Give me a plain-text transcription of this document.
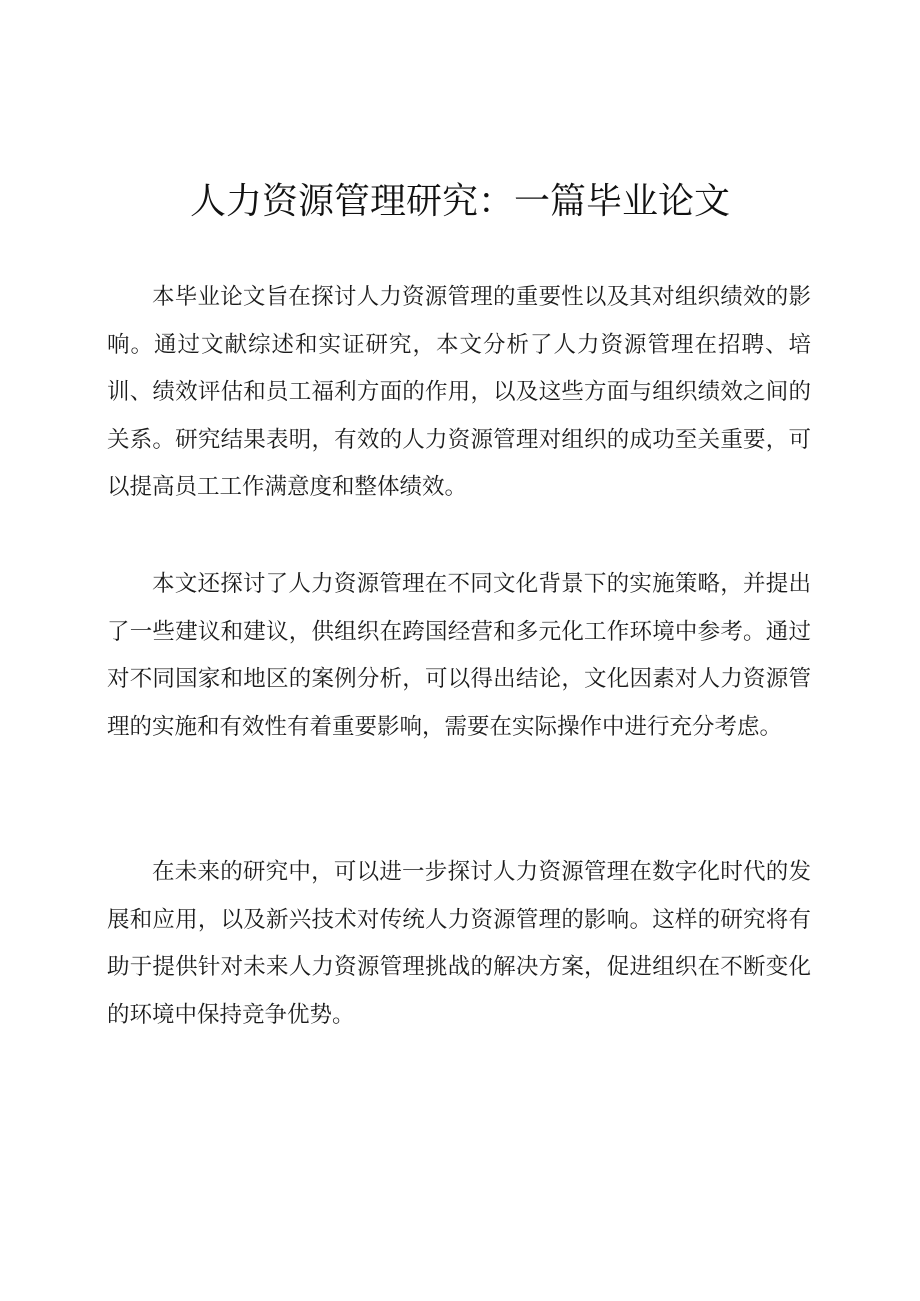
人力资源管理研究：一篇毕业论文

本毕业论文旨在探讨人力资源管理的重要性以及其对组织绩效的影响。通过文献综述和实证研究，本文分析了人力资源管理在招聘、培训、绩效评估和员工福利方面的作用，以及这些方面与组织绩效之间的关系。研究结果表明，有效的人力资源管理对组织的成功至关重要，可以提高员工工作满意度和整体绩效。

本文还探讨了人力资源管理在不同文化背景下的实施策略，并提出了一些建议和建议，供组织在跨国经营和多元化工作环境中参考。通过对不同国家和地区的案例分析，可以得出结论，文化因素对人力资源管理的实施和有效性有着重要影响，需要在实际操作中进行充分考虑。

在未来的研究中，可以进一步探讨人力资源管理在数字化时代的发展和应用，以及新兴技术对传统人力资源管理的影响。这样的研究将有助于提供针对未来人力资源管理挑战的解决方案，促进组织在不断变化的环境中保持竞争优势。
